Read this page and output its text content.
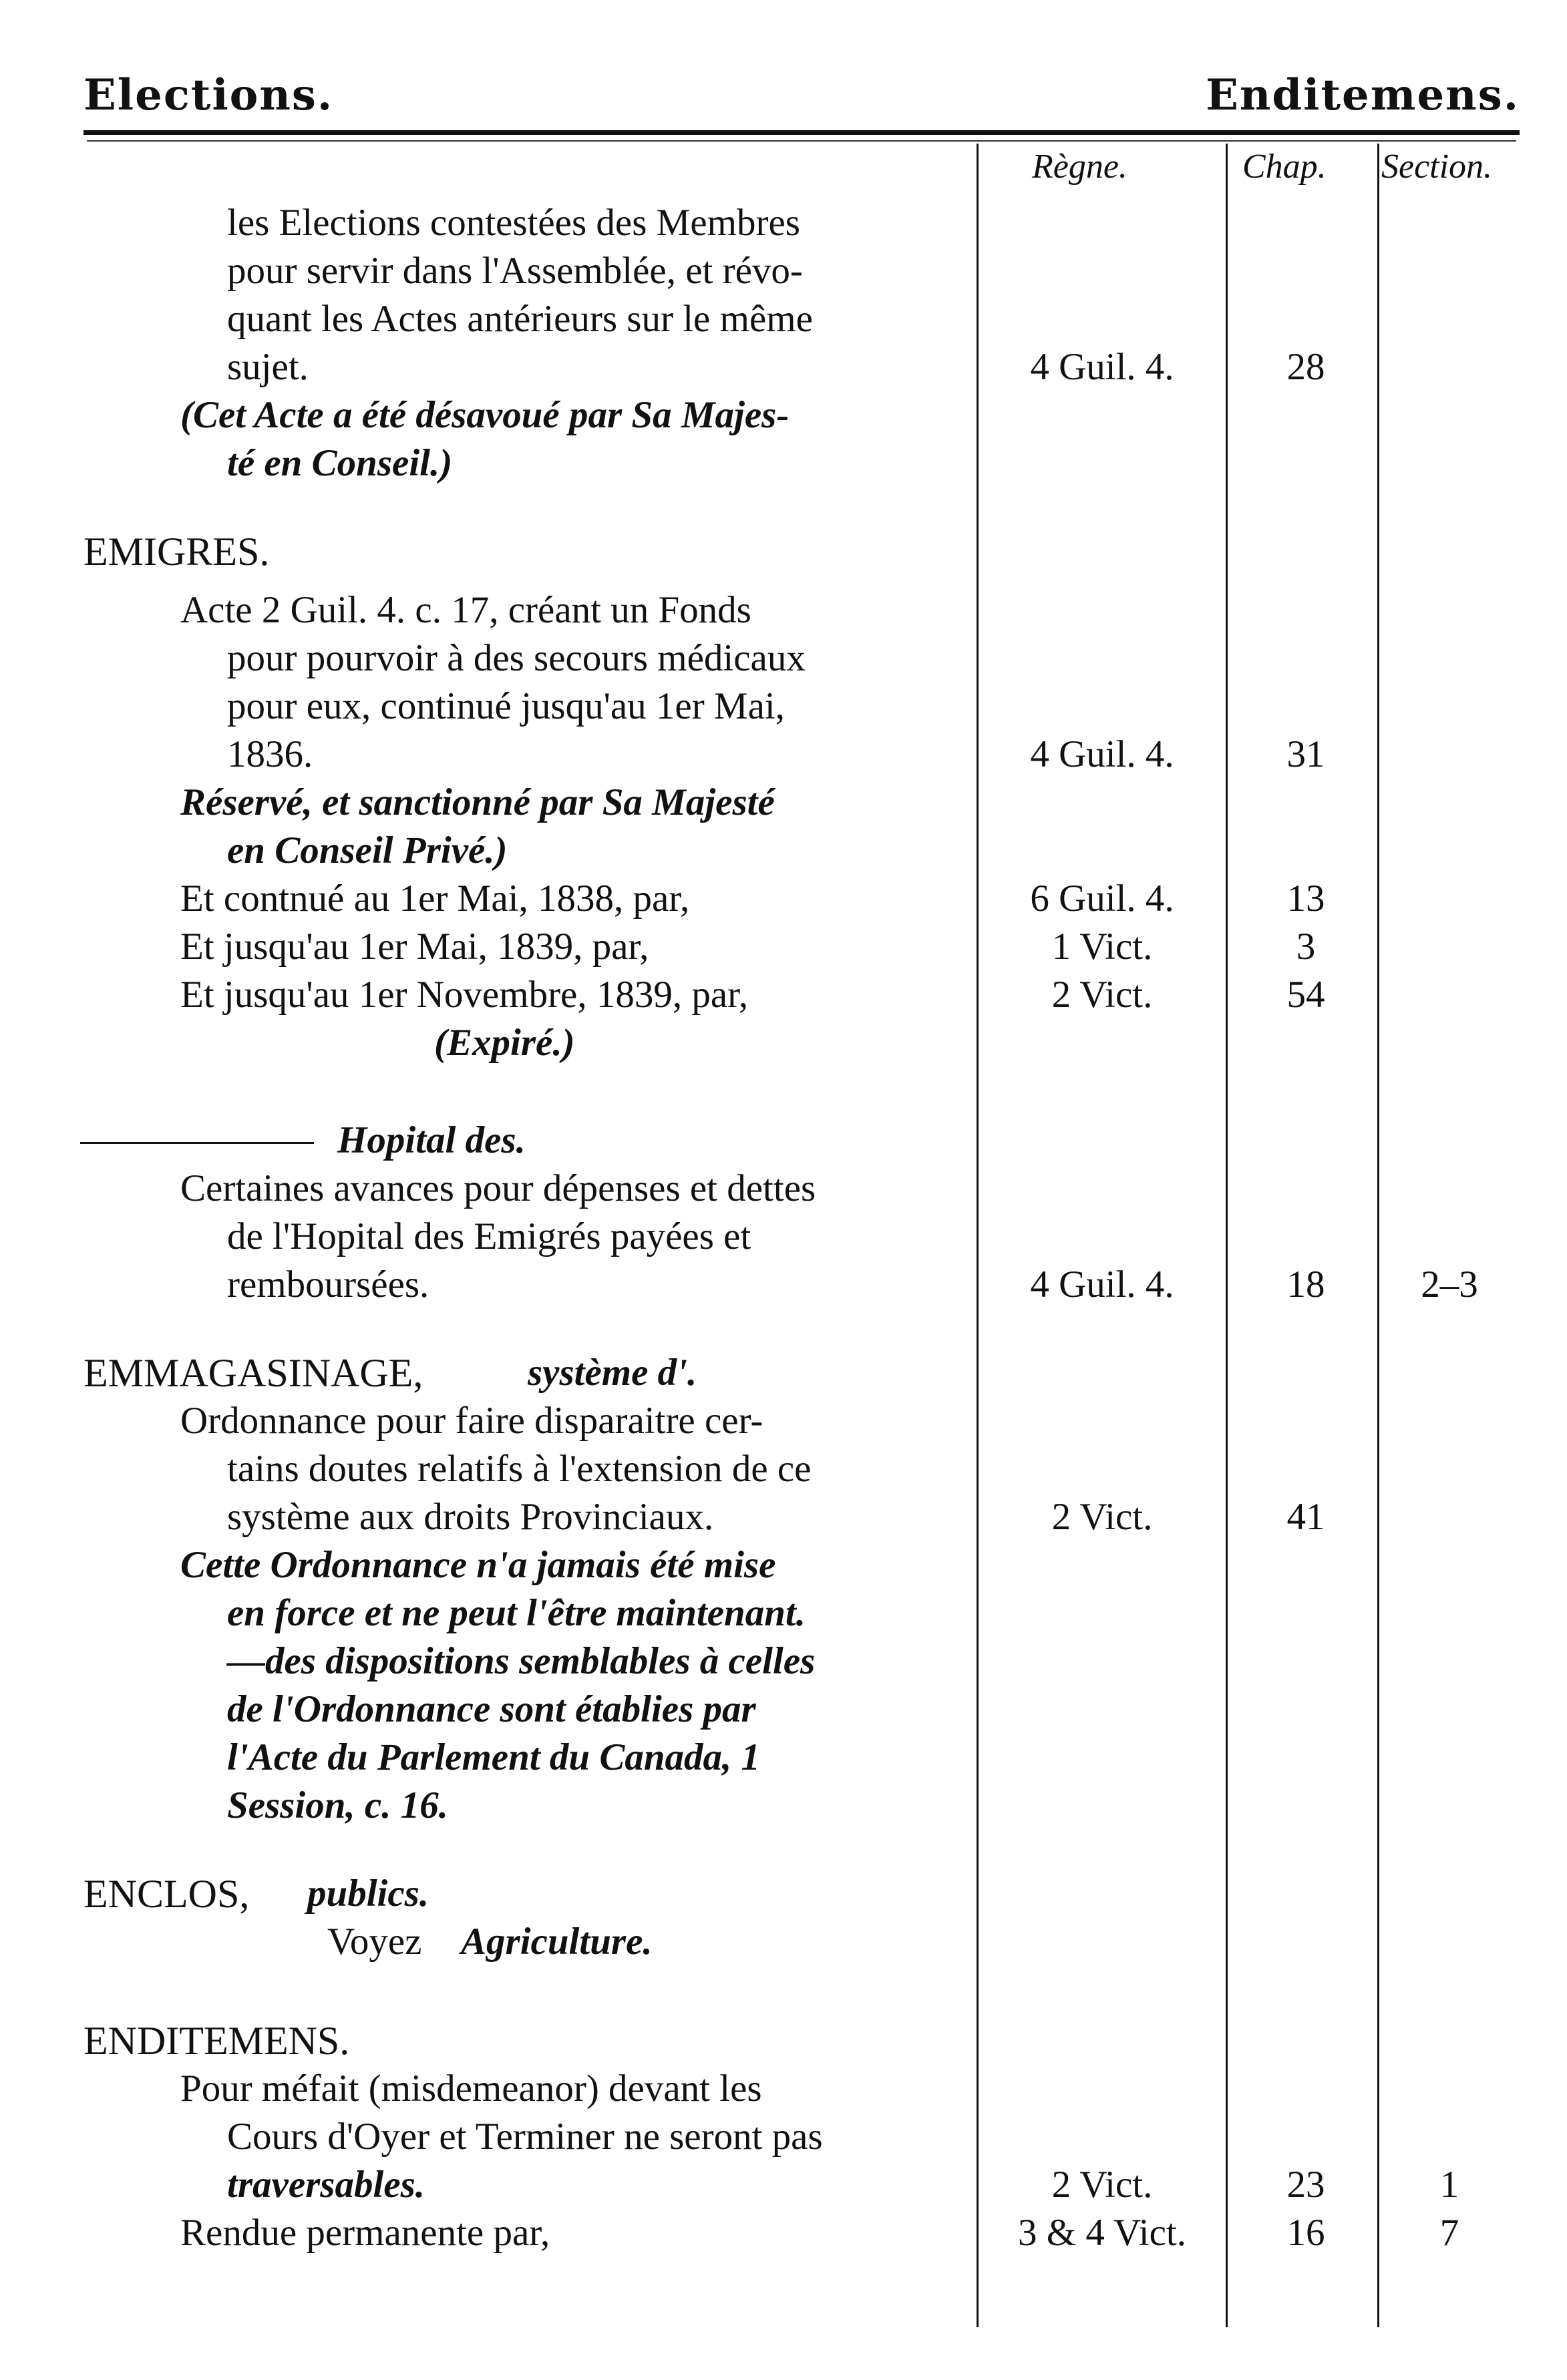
Elections.	Enditemens.
Règne.	Chap. Section.
les Elections contestées des Membres
pour servir dans l'Assemblée, et révo-
quant les Actes antérieurs sur le même
sujet.
(Cet Acte a été désavoué par Sa Majes-
té en Conseil.)
4 Guil. 4.	28
EMIGRES.
Acte 2 Guil. 4. c. 17, créant un Fonds
pour pourvoir à des secours médicaux
pour eux, continué jusqu'au 1er Mai,
1836.	4 Guil. 4.	31
Réservé, et sanctionné par Sa Majesté
en Conseil Privé.)
Et contnué au 1er Mai, 1838, par,	6 Guil. 4.	13
Et jusqu'au 1er Mai, 1839, par,	1 Vict.	3
Et jusqu'au 1er Novembre, 1839, par,	2 Vict.	54
(Expiré.)
Hopital des.
Certaines avances pour dépenses et dettes
de l'Hopital des Emigrés payées et
remboursées.	4 Guil. 4.	18	2–3
EMMAGASINAGE,	système d'.
Ordonnance pour faire disparaitre cer-
tains doutes relatifs à l'extension de ce
système aux droits Provinciaux.	2 Vict.	41
Cette Ordonnance n'a jamais été mise
en force et ne peut l'être maintenant.
—des dispositions semblables à celles
de l'Ordonnance sont établies par
l'Acte du Parlement du Canada, 1
Session, c. 16.
ENCLOS, publics.
Voyez Agriculture.
ENDITEMENS.
Pour méfait (misdemeanor) devant les
Cours d'Oyer et Terminer ne seront pas
traversables.	2 Vict.	23	1
Rendue permanente par,	3 & 4 Vict.	16	7
